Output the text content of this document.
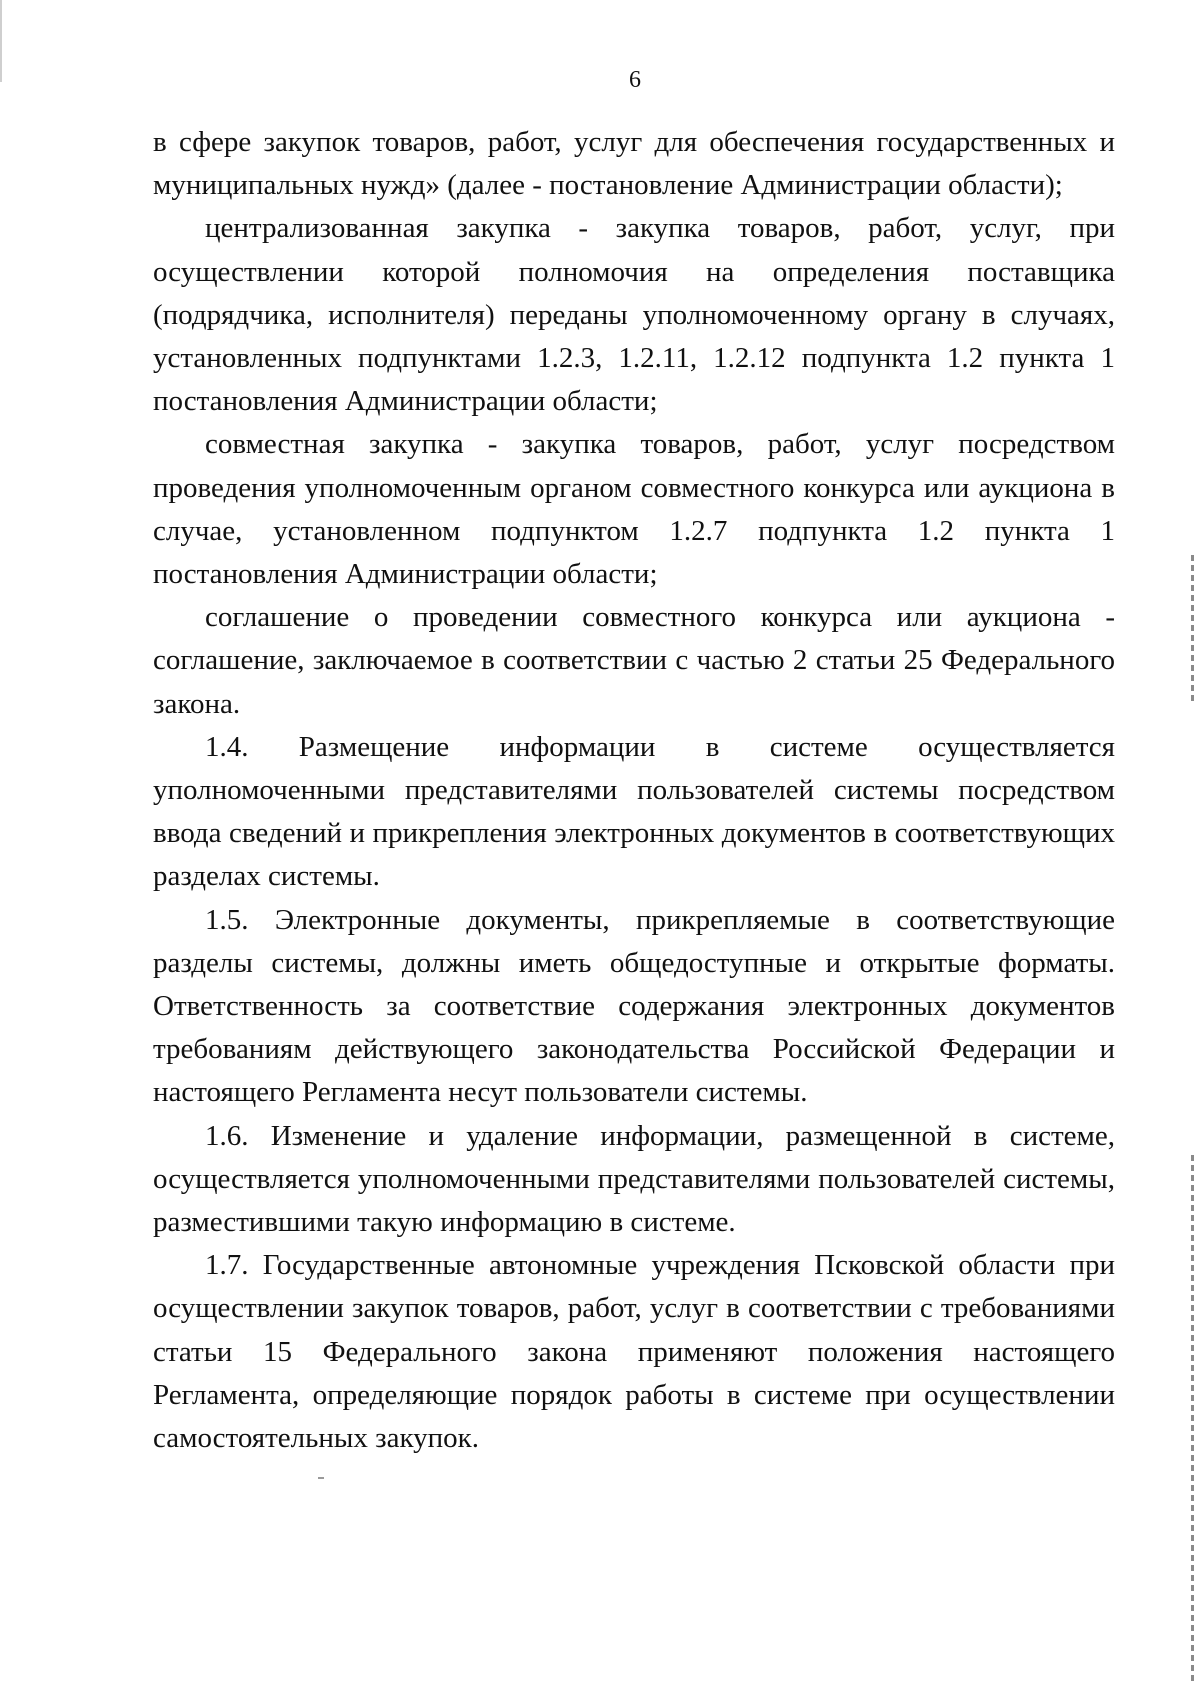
6

в сфере закупок товаров, работ, услуг для обеспечения государственных и муниципальных нужд» (далее - постановление Администрации области);

централизованная закупка - закупка товаров, работ, услуг, при осуществлении которой полномочия на определения поставщика (подрядчика, исполнителя) переданы уполномоченному органу в случаях, установленных подпунктами 1.2.3, 1.2.11, 1.2.12 подпункта 1.2 пункта 1 постановления Администрации области;

совместная закупка - закупка товаров, работ, услуг посредством проведения уполномоченным органом совместного конкурса или аукциона в случае, установленном подпунктом 1.2.7 подпункта 1.2 пункта 1 постановления Администрации области;

соглашение о проведении совместного конкурса или аукциона - соглашение, заключаемое в соответствии с частью 2 статьи 25 Федерального закона.

1.4. Размещение информации в системе осуществляется уполномоченными представителями пользователей системы посредством ввода сведений и прикрепления электронных документов в соответствующих разделах системы.

1.5. Электронные документы, прикрепляемые в соответствующие разделы системы, должны иметь общедоступные и открытые форматы. Ответственность за соответствие содержания электронных документов требованиям действующего законодательства Российской Федерации и настоящего Регламента несут пользователи системы.

1.6. Изменение и удаление информации, размещенной в системе, осуществляется уполномоченными представителями пользователей системы, разместившими такую информацию в системе.

1.7. Государственные автономные учреждения Псковской области при осуществлении закупок товаров, работ, услуг в соответствии с требованиями статьи 15 Федерального закона применяют положения настоящего Регламента, определяющие порядок работы в системе при осуществлении самостоятельных закупок.
